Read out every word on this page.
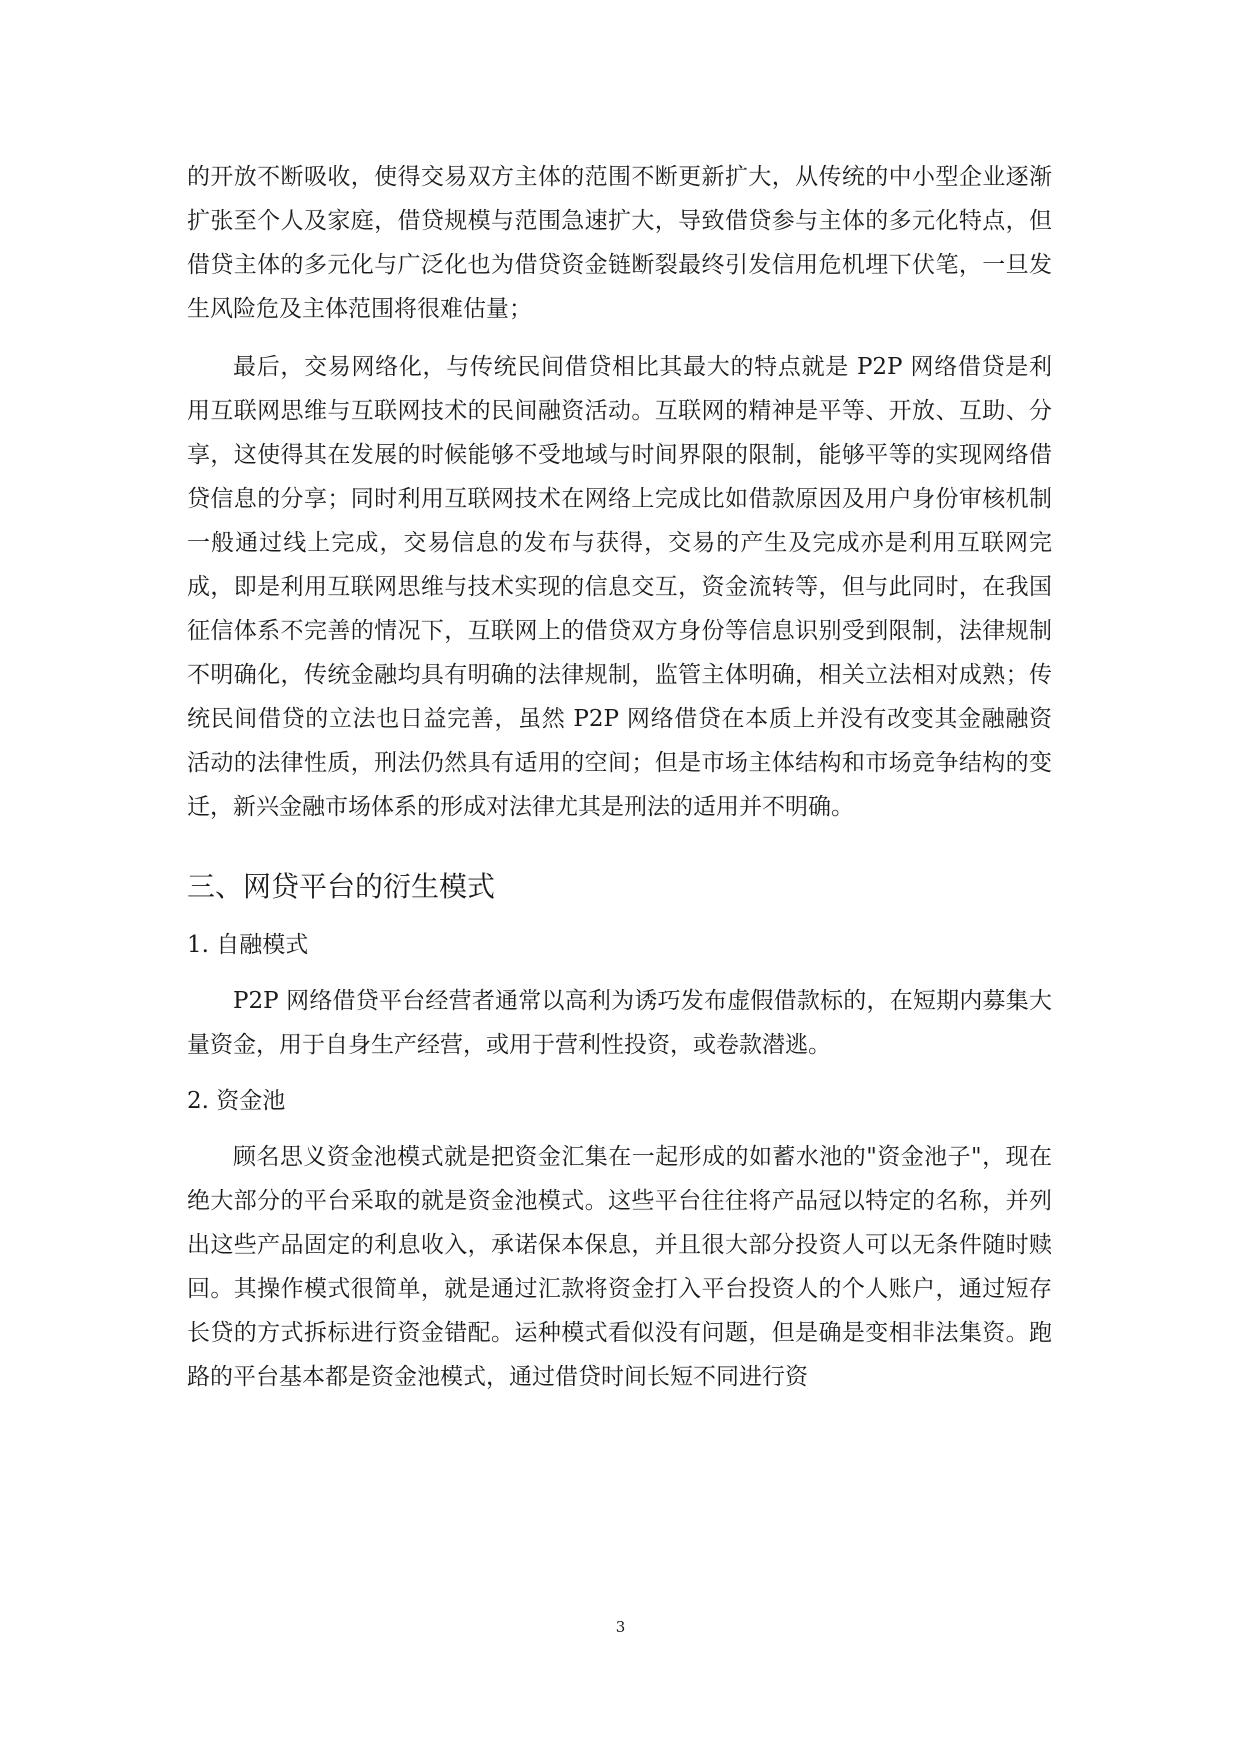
的开放不断吸收，使得交易双方主体的范围不断更新扩大，从传统的中小型企业逐渐扩张至个人及家庭，借贷规模与范围急速扩大，导致借贷参与主体的多元化特点，但借贷主体的多元化与广泛化也为借贷资金链断裂最终引发信用危机埋下伏笔，一旦发生风险危及主体范围将很难估量；

最后，交易网络化，与传统民间借贷相比其最大的特点就是 P2P 网络借贷是利用互联网思维与互联网技术的民间融资活动。互联网的精神是平等、开放、互助、分享，这使得其在发展的时候能够不受地域与时间界限的限制，能够平等的实现网络借贷信息的分享；同时利用互联网技术在网络上完成比如借款原因及用户身份审核机制一般通过线上完成，交易信息的发布与获得，交易的产生及完成亦是利用互联网完成，即是利用互联网思维与技术实现的信息交互，资金流转等，但与此同时，在我国征信体系不完善的情况下，互联网上的借贷双方身份等信息识别受到限制，法律规制不明确化，传统金融均具有明确的法律规制，监管主体明确，相关立法相对成熟；传统民间借贷的立法也日益完善，虽然 P2P 网络借贷在本质上并没有改变其金融融资活动的法律性质，刑法仍然具有适用的空间；但是市场主体结构和市场竞争结构的变迁，新兴金融市场体系的形成对法律尤其是刑法的适用并不明确。

三、网贷平台的衍生模式
1. 自融模式

P2P 网络借贷平台经营者通常以高利为诱巧发布虚假借款标的，在短期内募集大量资金，用于自身生产经营，或用于营利性投资，或卷款潜逃。

2. 资金池

顾名思义资金池模式就是把资金汇集在一起形成的如蓄水池的"资金池子"，现在绝大部分的平台采取的就是资金池模式。这些平台往往将产品冠以特定的名称，并列出这些产品固定的利息收入，承诺保本保息，并且很大部分投资人可以无条件随时赎回。其操作模式很简单，就是通过汇款将资金打入平台投资人的个人账户，通过短存长贷的方式拆标进行资金错配。运种模式看似没有问题，但是确是变相非法集资。跑路的平台基本都是资金池模式，通过借贷时间长短不同进行资

3
